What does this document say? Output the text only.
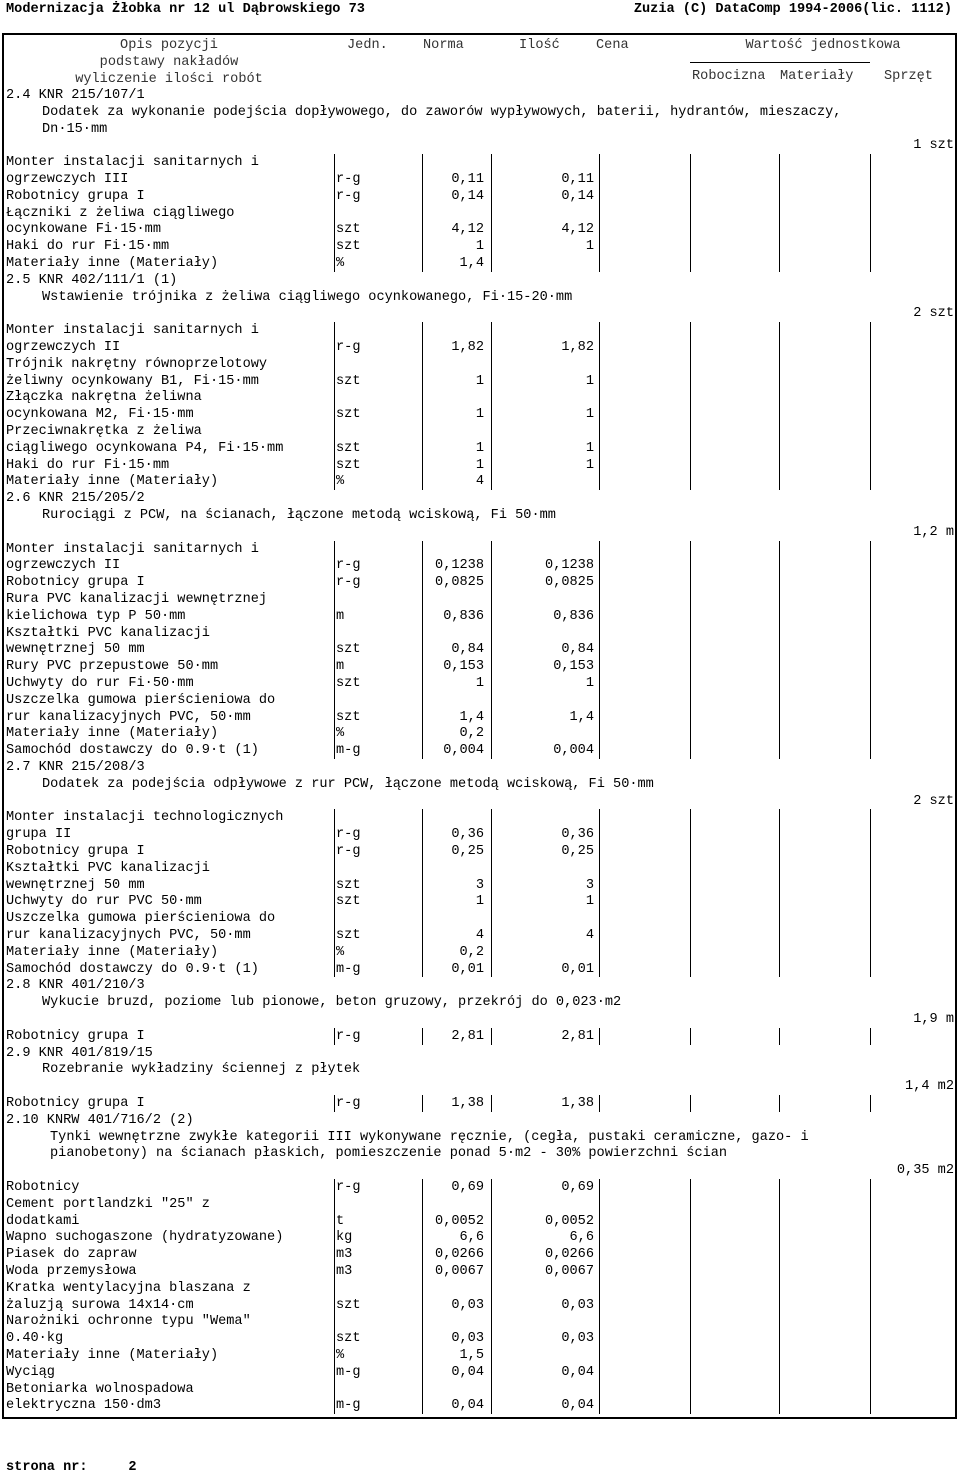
Modernizacja Żłobka nr 12 ul Dąbrowskiego 73	Zuzia (C) DataComp 1994-2006(lic. 1112)
Opis pozycji
podstawy nakładów
wyliczenie ilości robót
Jedn.	Norma	Ilość	Cena	Wartość jednostkowa
Robocizna Materiały Sprzęt
2.4 KNR 215/107/1
Dodatek za wykonanie podejścia dopływowego, do zaworów wypływowych, baterii, hydrantów, mieszaczy,
Dn·15·mm
1 szt
Monter instalacji sanitarnych i
ogrzewczych III	r-g	0,11	0,11
Robotnicy grupa I	r-g	0,14	0,14
Łączniki z żeliwa ciągliwego
ocynkowane Fi·15·mm	szt	4,12	4,12
Haki do rur Fi·15·mm	szt	1	1
Materiały inne (Materiały)	%	1,4
2.5 KNR 402/111/1 (1)
Wstawienie trójnika z żeliwa ciągliwego ocynkowanego, Fi·15-20·mm
2 szt
Monter instalacji sanitarnych i
ogrzewczych II	r-g	1,82	1,82
Trójnik nakrętny równoprzelotowy
żeliwny ocynkowany B1, Fi·15·mm	szt	1	1
Złączka nakrętna żeliwna
ocynkowana M2, Fi·15·mm	szt	1	1
Przeciwnakrętka z żeliwa
ciągliwego ocynkowana P4, Fi·15·mm	szt	1	1
Haki do rur Fi·15·mm	szt	1	1
Materiały inne (Materiały)	%	4
2.6 KNR 215/205/2
Rurociągi z PCW, na ścianach, łączone metodą wciskową, Fi 50·mm
1,2 m
Monter instalacji sanitarnych i
ogrzewczych II	r-g	0,1238	0,1238
Robotnicy grupa I	r-g	0,0825	0,0825
Rura PVC kanalizacji wewnętrznej
kielichowa typ P 50·mm	m	0,836	0,836
Kształtki PVC kanalizacji
wewnętrznej 50 mm	szt	0,84	0,84
Rury PVC przepustowe 50·mm	m	0,153	0,153
Uchwyty do rur Fi·50·mm	szt	1	1
Uszczelka gumowa pierścieniowa do
rur kanalizacyjnych PVC, 50·mm	szt	1,4	1,4
Materiały inne (Materiały)	%	0,2
Samochód dostawczy do 0.9·t (1)	m-g	0,004	0,004
2.7 KNR 215/208/3
Dodatek za podejścia odpływowe z rur PCW, łączone metodą wciskową, Fi 50·mm
2 szt
Monter instalacji technologicznych
grupa II	r-g	0,36	0,36
Robotnicy grupa I	r-g	0,25	0,25
Kształtki PVC kanalizacji
wewnętrznej 50 mm	szt	3	3
Uchwyty do rur PVC 50·mm	szt	1	1
Uszczelka gumowa pierścieniowa do
rur kanalizacyjnych PVC, 50·mm	szt	4	4
Materiały inne (Materiały)	%	0,2
Samochód dostawczy do 0.9·t (1)	m-g	0,01	0,01
2.8 KNR 401/210/3
Wykucie bruzd, poziome lub pionowe, beton gruzowy, przekrój do 0,023·m2
1,9 m
Robotnicy grupa I	r-g	2,81	2,81
2.9 KNR 401/819/15
Rozebranie wykładziny ściennej z płytek
1,4 m2
Robotnicy grupa I	r-g	1,38	1,38
2.10 KNRW 401/716/2 (2)
Tynki wewnętrzne zwykłe kategorii III wykonywane ręcznie, (cegła, pustaki ceramiczne, gazo- i
pianobetony) na ścianach płaskich, pomieszczenie ponad 5·m2 - 30% powierzchni ścian
0,35 m2
Robotnicy	r-g	0,69	0,69
Cement portlandzki "25" z
dodatkami	t	0,0052	0,0052
Wapno suchogaszone (hydratyzowane)	kg	6,6	6,6
Piasek do zapraw	m3	0,0266	0,0266
Woda przemysłowa	m3	0,0067	0,0067
Kratka wentylacyjna blaszana z
żaluzją surowa 14x14·cm	szt	0,03	0,03
Narożniki ochronne typu "Wema"
0.40·kg	szt	0,03	0,03
Materiały inne (Materiały)	%	1,5
Wyciąg	m-g	0,04	0,04
Betoniarka wolnospadowa
elektryczna 150·dm3	m-g	0,04	0,04
strona nr:	2
